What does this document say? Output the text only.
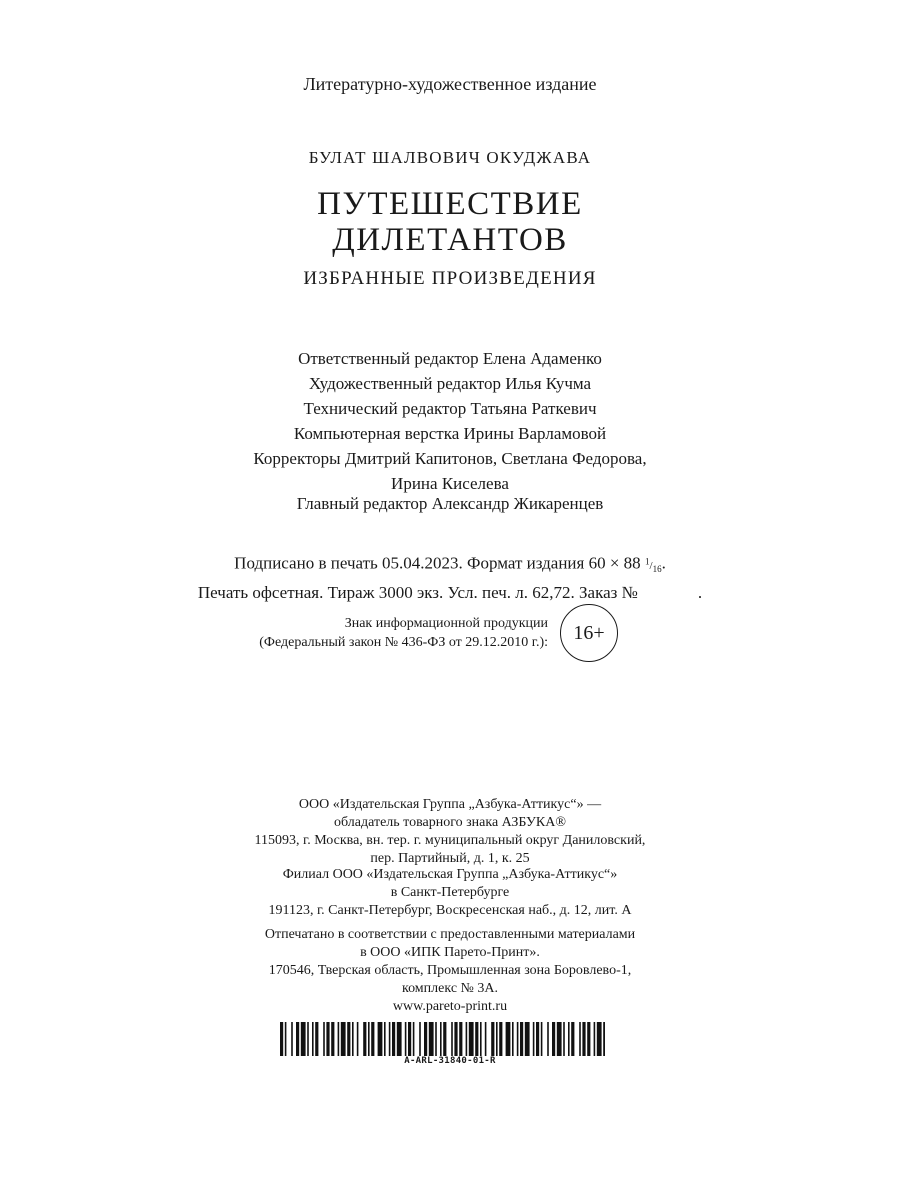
Литературно-художественное издание
БУЛАТ ШАЛВОВИЧ ОКУДЖАВА
ПУТЕШЕСТВИЕ
ДИЛЕТАНТОВ
ИЗБРАННЫЕ ПРОИЗВЕДЕНИЯ
Ответственный редактор Елена Адаменко
Художественный редактор Илья Кучма
Технический редактор Татьяна Раткевич
Компьютерная верстка Ирины Варламовой
Корректоры Дмитрий Капитонов, Светлана Федорова,
Ирина Киселева
Главный редактор Александр Жикаренцев
Подписано в печать 05.04.2023. Формат издания 60 × 88 $^1/_{16}$.
Печать офсетная. Тираж 3000 экз. Усл. печ. л. 62,72. Заказ №	.
Знак информационной продукции
(Федеральный закон № 436-ФЗ от 29.12.2010 г.):	16+
ООО «Издательская Группа „Азбука-Аттикус“» —
обладатель товарного знака АЗБУКА®
115093, г. Москва, вн. тер. г. муниципальный округ Даниловский,
пер. Партийный, д. 1, к. 25
Филиал ООО «Издательская Группа „Азбука-Аттикус“»
в Санкт-Петербурге
191123, г. Санкт-Петербург, Воскресенская наб., д. 12, лит. А
Отпечатано в соответствии с предоставленными материалами
в ООО «ИПК Парето-Принт».
170546, Тверская область, Промышленная зона Боровлево-1,
комплекс № 3А.
www.pareto-print.ru
A-ARL-31840-01-R
